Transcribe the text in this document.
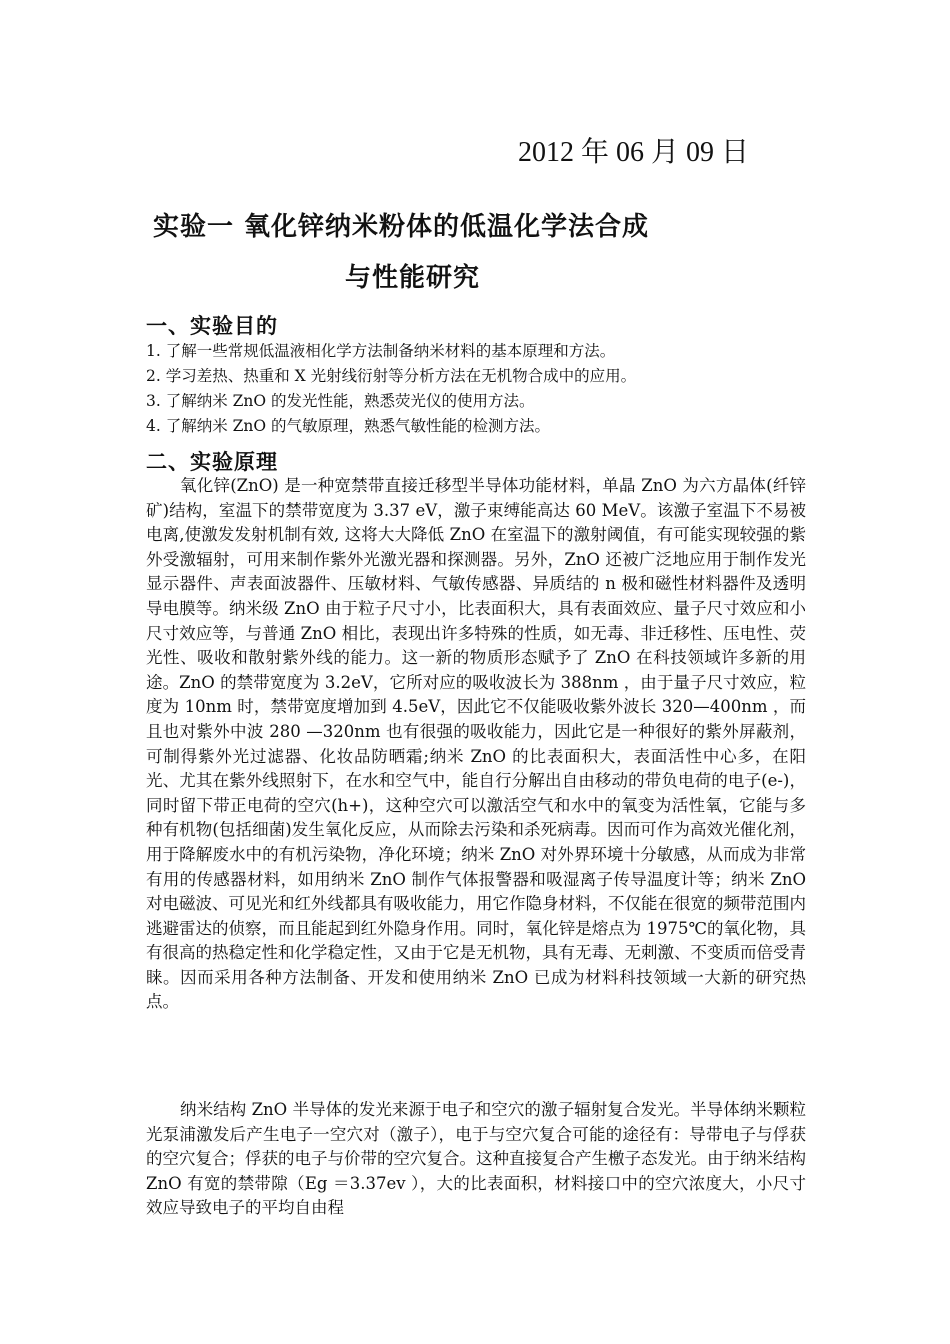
2012 年 06 月 09 日
实验一 氧化锌纳米粉体的低温化学法合成
与性能研究
一、实验目的
1. 了解一些常规低温液相化学方法制备纳米材料的基本原理和方法。
2. 学习差热、热重和 X 光射线衍射等分析方法在无机物合成中的应用。
3. 了解纳米 ZnO 的发光性能，熟悉荧光仪的使用方法。
4. 了解纳米 ZnO 的气敏原理，熟悉气敏性能的检测方法。
二、实验原理

氧化锌(ZnO) 是一种宽禁带直接迁移型半导体功能材料，单晶 ZnO 为六方晶体(纤锌矿)结构，室温下的禁带宽度为 3.37 eV，激子束缚能高达 60 MeV。该激子室温下不易被电离,使激发发射机制有效, 这将大大降低 ZnO 在室温下的激射阈值，有可能实现较强的紫外受激辐射，可用来制作紫外光激光器和探测器。另外，ZnO 还被广泛地应用于制作发光显示器件、声表面波器件、压敏材料、气敏传感器、异质结的 n 极和磁性材料器件及透明导电膜等。纳米级 ZnO 由于粒子尺寸小，比表面积大，具有表面效应、量子尺寸效应和小尺寸效应等，与普通 ZnO 相比，表现出许多特殊的性质，如无毒、非迁移性、压电性、荧光性、吸收和散射紫外线的能力。这一新的物质形态赋予了 ZnO 在科技领域许多新的用途。ZnO 的禁带宽度为 3.2eV，它所对应的吸收波长为 388nm ，由于量子尺寸效应，粒度为 10nm 时，禁带宽度增加到 4.5eV，因此它不仅能吸收紫外波长 320—400nm ，而且也对紫外中波 280 —320nm 也有很强的吸收能力，因此它是一种很好的紫外屏蔽剂，可制得紫外光过滤器、化妆品防晒霜;纳米 ZnO 的比表面积大，表面活性中心多，在阳光、尤其在紫外线照射下，在水和空气中，能自行分解出自由移动的带负电荷的电子(e-)，同时留下带正电荷的空穴(h+)，这种空穴可以激活空气和水中的氧变为活性氧，它能与多种有机物(包括细菌)发生氧化反应，从而除去污染和杀死病毒。因而可作为高效光催化剂，用于降解废水中的有机污染物，净化环境；纳米 ZnO 对外界环境十分敏感，从而成为非常有用的传感器材料，如用纳米 ZnO 制作气体报警器和吸湿离子传导温度计等；纳米 ZnO 对电磁波、可见光和红外线都具有吸收能力，用它作隐身材料，不仅能在很宽的频带范围内逃避雷达的侦察，而且能起到红外隐身作用。同时，氧化锌是熔点为 1975℃的氧化物，具有很高的热稳定性和化学稳定性，又由于它是无机物，具有无毒、无刺激、不变质而倍受青睐。因而采用各种方法制备、开发和使用纳米 ZnO 已成为材料科技领域一大新的研究热点。

纳米结构 ZnO 半导体的发光来源于电子和空穴的激子辐射复合发光。半导体纳米颗粒光泵浦激发后产生电子一空穴对（激子），电于与空穴复合可能的途径有：导带电子与俘获的空穴复合；俘获的电子与价带的空穴复合。这种直接复合产生檄子态发光。由于纳米结构 ZnO 有宽的禁带隙（Eg ＝3.37ev ），大的比表面积，材料接口中的空穴浓度大，小尺寸效应导致电子的平均自由程
